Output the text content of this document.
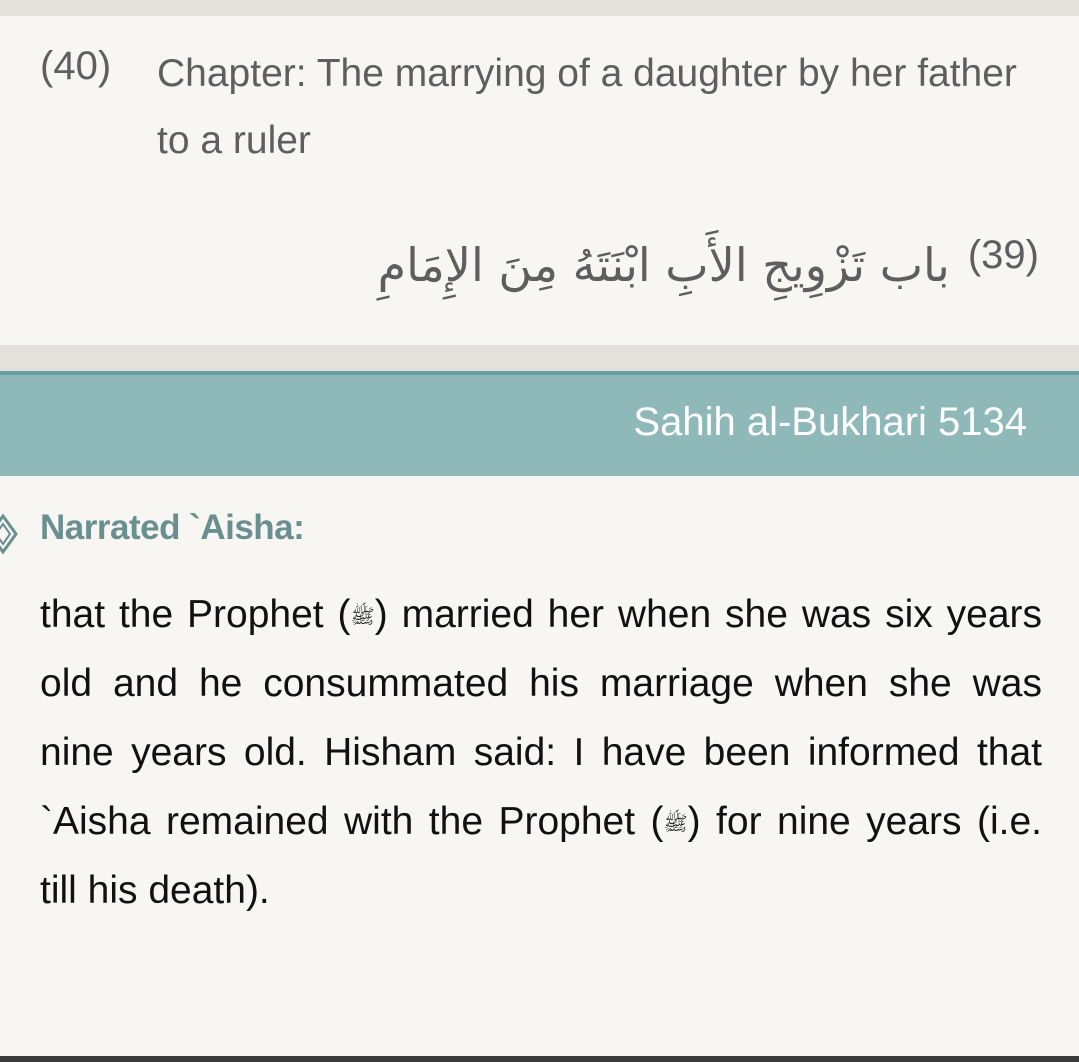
(40) Chapter: The marrying of a daughter by her father to a ruler
باب تَزْوِيجِ الأَبِ ابْنَتَهُ مِنَ الإِمَامِ (39)
Sahih al-Bukhari 5134
Narrated `Aisha:
that the Prophet (ﷺ) married her when she was six years old and he consummated his marriage when she was nine years old. Hisham said: I have been informed that `Aisha remained with the Prophet (ﷺ) for nine years (i.e. till his death).
